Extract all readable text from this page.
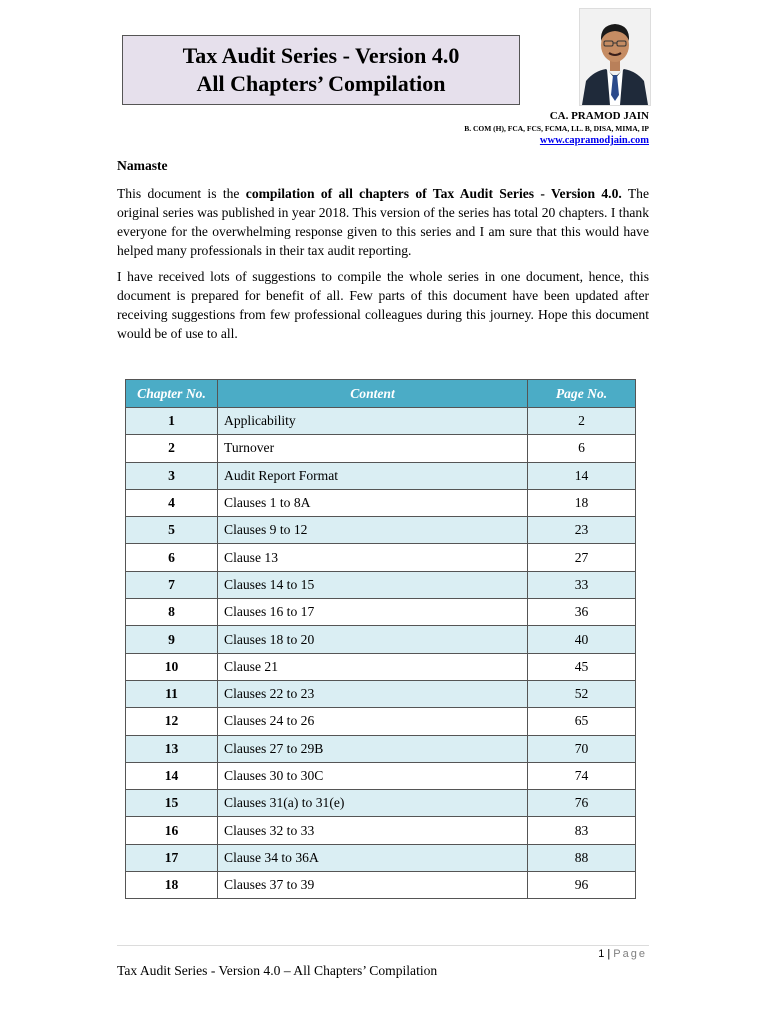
Tax Audit Series - Version 4.0
All Chapters’ Compilation
CA. PRAMOD JAIN
B. COM (H), FCA, FCS, FCMA, LL. B, DISA, MIMA, IP
www.capramodjain.com

Namaste

This document is the compilation of all chapters of Tax Audit Series - Version 4.0. The original series was published in year 2018. This version of the series has total 20 chapters. I thank everyone for the overwhelming response given to this series and I am sure that this would have helped many professionals in their tax audit reporting.

I have received lots of suggestions to compile the whole series in one document, hence, this document is prepared for benefit of all. Few parts of this document have been updated after receiving suggestions from few professional colleagues during this journey. Hope this document would be of use to all.

Chapter No.	Content	Page No.
1	Applicability	2
2	Turnover	6
3	Audit Report Format	14
4	Clauses 1 to 8A	18
5	Clauses 9 to 12	23
6	Clause 13	27
7	Clauses 14 to 15	33
8	Clauses 16 to 17	36
9	Clauses 18 to 20	40
10	Clause 21	45
11	Clauses 22 to 23	52
12	Clauses 24 to 26	65
13	Clauses 27 to 29B	70
14	Clauses 30 to 30C	74
15	Clauses 31(a) to 31(e)	76
16	Clauses 32 to 33	83
17	Clause 34 to 36A	88
18	Clauses 37 to 39	96
1 | Page
Tax Audit Series - Version 4.0 – All Chapters’ Compilation
